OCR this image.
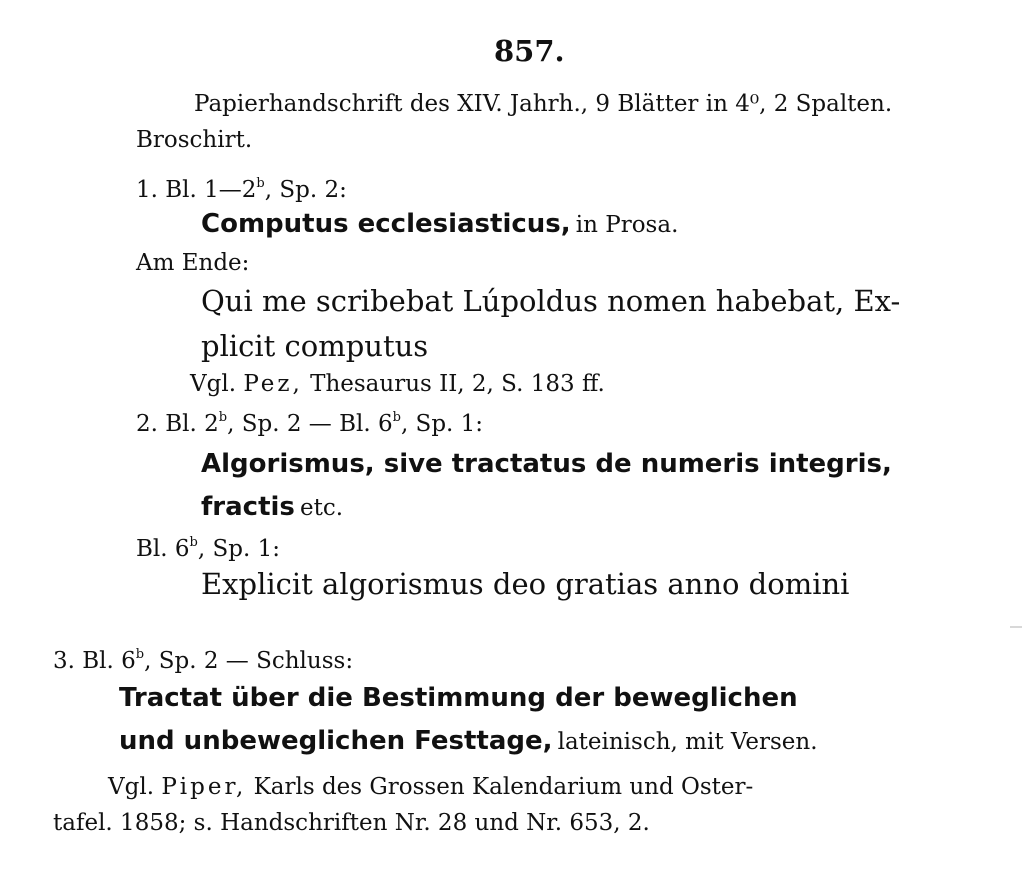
857.
Papierhandschrift des XIV. Jahrh., 9 Blätter in 4⁰, 2 Spalten.
Broschirt.
1. Bl. 1—2$^b$, Sp. 2:
Computus ecclesiasticus, in Prosa.
Am Ende:
Qui me scribebat Lúpoldus nomen habebat, Ex-
plicit computus
Vgl. Pez, Thesaurus II, 2, S. 183 ff.
2. Bl. 2$^b$, Sp. 2 — Bl. 6$^b$, Sp. 1:
Algorismus, sive tractatus de numeris integris,
fractis etc.
Bl. 6$^b$, Sp. 1:
Explicit algorismus deo gratias anno domini
3. Bl. 6$^b$, Sp. 2 — Schluss:
Tractat über die Bestimmung der beweglichen
und unbeweglichen Festtage, lateinisch, mit Versen.
Vgl. Piper, Karls des Grossen Kalendarium und Oster-
tafel. 1858; s. Handschriften Nr. 28 und Nr. 653, 2.
